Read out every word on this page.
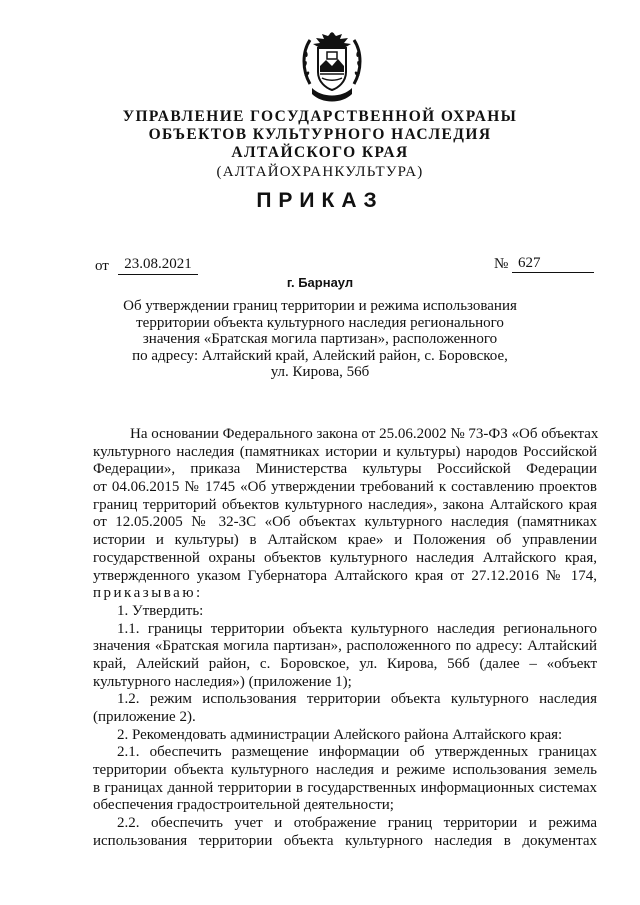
УПРАВЛЕНИЕ ГОСУДАРСТВЕННОЙ ОХРАНЫ
ОБЪЕКТОВ КУЛЬТУРНОГО НАСЛЕДИЯ
АЛТАЙСКОГО КРАЯ
(АЛТАЙОХРАНКУЛЬТУРА)
ПРИКАЗ
от	23.08.2021	№ 627
г. Барнаул
Об утверждении границ территории и режима использования
территории объекта культурного наследия регионального
значения «Братская могила партизан», расположенного
по адресу: Алтайский край, Алейский район, с. Боровское,
ул. Кирова, 56б
На основании Федерального закона от 25.06.2002 № 73-ФЗ «Об объектах
культурного наследия (памятниках истории и культуры) народов Российской
Федерации», приказа Министерства культуры Российской Федерации
от 04.06.2015 № 1745 «Об утверждении требований к составлению проектов
границ территорий объектов культурного наследия», закона Алтайского края
от 12.05.2005 № 32-ЗС «Об объектах культурного наследия (памятниках
истории и культуры) в Алтайском крае» и Положения об управлении
государственной охраны объектов культурного наследия Алтайского края,
утвержденного указом Губернатора Алтайского края от 27.12.2016 № 174,
приказываю:
1. Утвердить:
1.1. границы территории объекта культурного наследия регионального
значения «Братская могила партизан», расположенного по адресу: Алтайский
край, Алейский район, с. Боровское, ул. Кирова, 56б (далее – «объект
культурного наследия») (приложение 1);
1.2. режим использования территории объекта культурного наследия
(приложение 2).
2. Рекомендовать администрации Алейского района Алтайского края:
2.1. обеспечить размещение информации об утвержденных границах
территории объекта культурного наследия и режиме использования земель
в границах данной территории в государственных информационных системах
обеспечения градостроительной деятельности;
2.2. обеспечить учет и отображение границ территории и режима
использования территории объекта культурного наследия в документах
